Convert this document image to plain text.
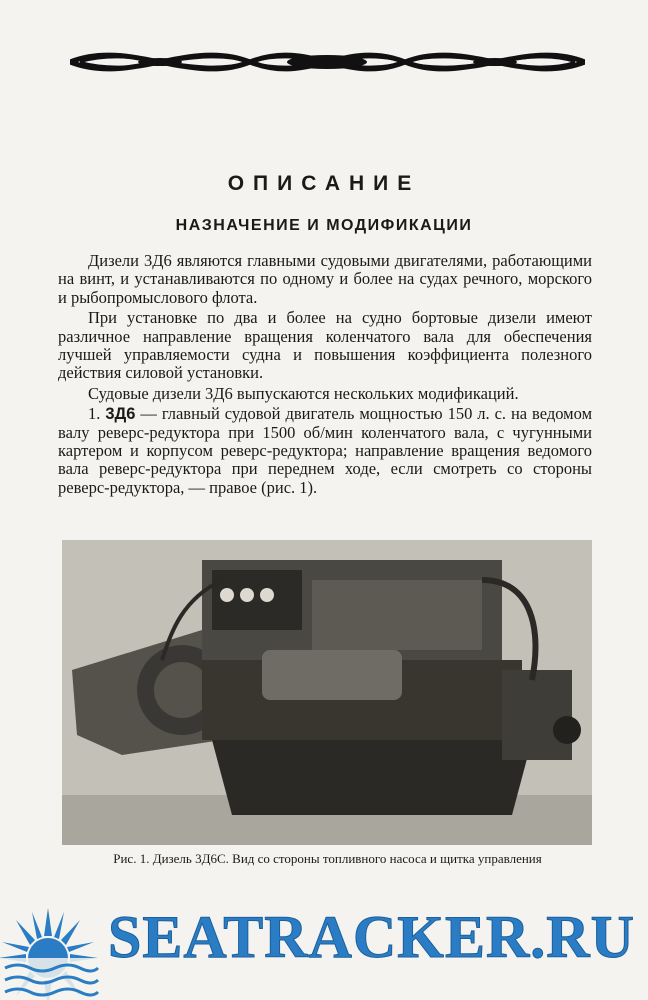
ОПИСАНИЕ
НАЗНАЧЕНИЕ И МОДИФИКАЦИИ

Дизели 3Д6 являются главными судовыми двигателями, работающими на винт, и устанавливаются по одному и более на судах речного, морского и рыбопромыслового флота.

При установке по два и более на судно бортовые дизели имеют различное направление вращения коленчатого вала для обеспечения лучшей управляемости судна и повышения коэффициента полезного действия силовой установки.

Судовые дизели 3Д6 выпускаются нескольких модификаций.

1. 3Д6 — главный судовой двигатель мощностью 150 л. с. на ведомом валу реверс-редуктора при 1500 об/мин коленчатого вала, с чугунными картером и корпусом реверс-редуктора; направление вращения ведомого вала реверс-редуктора при переднем ходе, если смотреть со стороны реверс-редуктора, — правое (рис. 1).

Рис. 1. Дизель 3Д6С. Вид со стороны топливного насоса и щитка управления
SEATRACKER.RU
